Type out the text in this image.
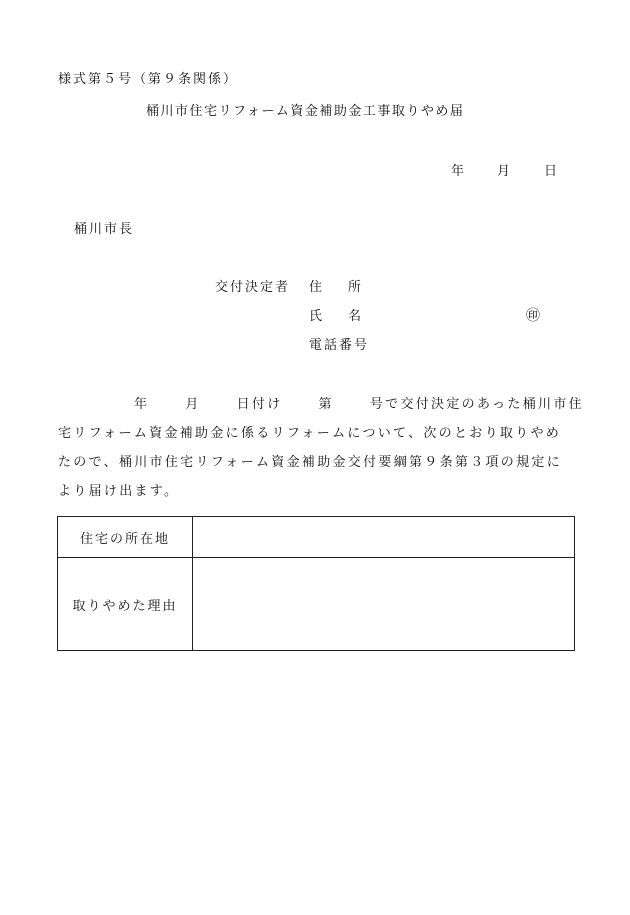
様式第５号（第９条関係）
桶川市住宅リフォーム資金補助金工事取りやめ届
年 月 日
桶川市長
交付決定者 住所
氏名	㊞
電話番号
年	月	日付け	第	号で交付決定のあった桶川市住
宅リフォーム資金補助金に係るリフォームについて、次のとおり取りやめ
たので、桶川市住宅リフォーム資金補助金交付要綱第９条第３項の規定に
より届け出ます。
住宅の所在地	
取りやめた理由	
